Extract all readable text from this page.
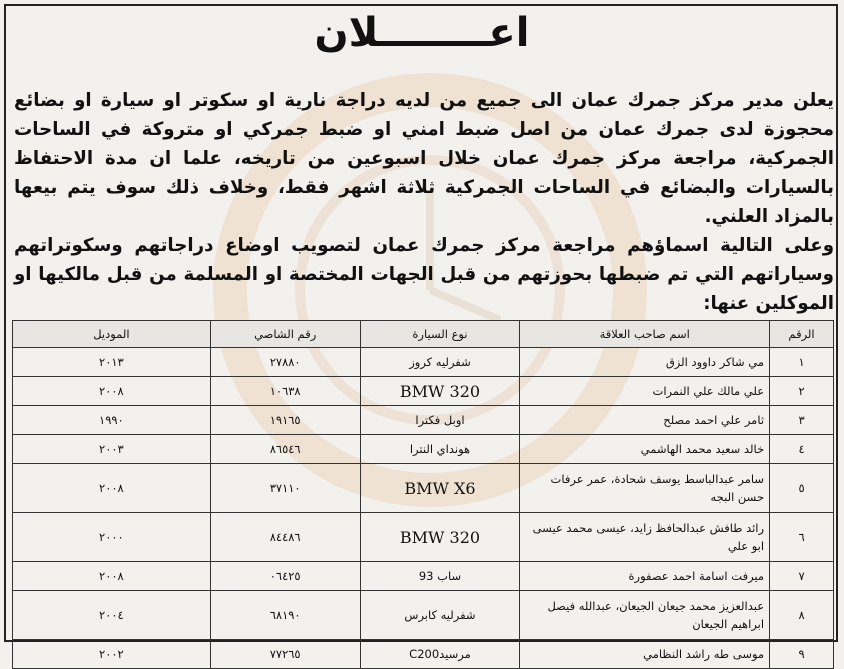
اعــــــــلان

يعلن مدير مركز جمرك عمان الى جميع من لديه دراجة نارية او سكوتر او سيارة او بضائع محجوزة لدى جمرك عمان من اصل ضبط امني او ضبط جمركي او متروكة في الساحات الجمركية، مراجعة مركز جمرك عمان خلال اسبوعين من تاريخه، علما ان مدة الاحتفاظ بالسيارات والبضائع في الساحات الجمركية ثلاثة اشهر فقط، وخلاف ذلك سوف يتم بيعها بالمزاد العلني.

وعلى التالية اسماؤهم مراجعة مركز جمرك عمان لتصويب اوضاع دراجاتهم وسكوتراتهم وسياراتهم التي تم ضبطها بحوزتهم من قبل الجهات المختصة او المسلمة من قبل مالكيها او الموكلين عنها:

الرقم	اسم صاحب العلاقة	نوع السيارة	رقم الشاصي	الموديل
١	مي شاكر داوود الزق	شفرليه كروز	٢٧٨٨٠	٢٠١٣
٢	علي مالك علي النمرات	BMW 320	١٠٦٣٨	٢٠٠٨
٣	ثامر علي احمد مصلح	اوبل فكترا	١٩١٦٥	١٩٩٠
٤	خالد سعيد محمد الهاشمي	هونداي النترا	٨٦٥٤٦	٢٠٠٣
٥	سامر عبدالباسط يوسف شحادة، عمر عرفات حسن البجه	BMW X6	٣٧١١٠	٢٠٠٨
٦	رائد طافش عبدالحافظ زايد، عيسى محمد عيسى ابو علي	BMW 320	٨٤٤٨٦	٢٠٠٠
٧	ميرفت اسامة احمد عصفورة	ساب 93	٠٦٤٢٥	٢٠٠٨
٨	عبدالعزيز محمد جيعان الجيعان، عبدالله فيصل ابراهيم الجيعان	شفرليه كابرس	٦٨١٩٠	٢٠٠٤
٩	موسى طه راشد النظامي	مرسيدC200	٧٧٢٦٥	٢٠٠٢
